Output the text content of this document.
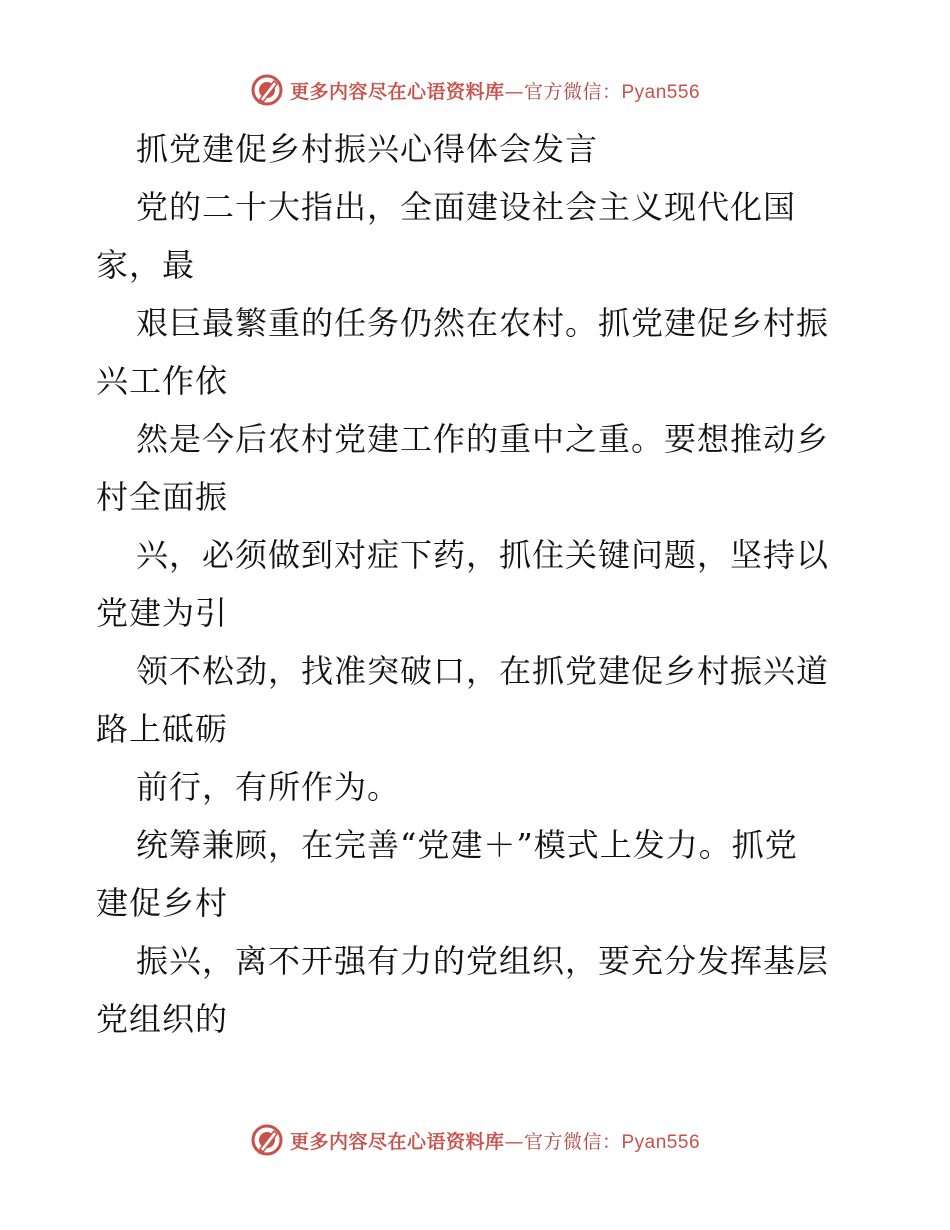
更多内容尽在心语资料库—官方微信：Pyan556
抓党建促乡村振兴心得体会发言
党的二十大指出，全面建设社会主义现代化国
家，最
艰巨最繁重的任务仍然在农村。抓党建促乡村振
兴工作依
然是今后农村党建工作的重中之重。要想推动乡
村全面振
兴，必须做到对症下药，抓住关键问题，坚持以
党建为引
领不松劲，找准突破口，在抓党建促乡村振兴道
路上砥砺
前行，有所作为。
统筹兼顾，在完善“党建＋”模式上发力。抓党
建促乡村
振兴，离不开强有力的党组织，要充分发挥基层
党组织的
更多内容尽在心语资料库—官方微信：Pyan556
